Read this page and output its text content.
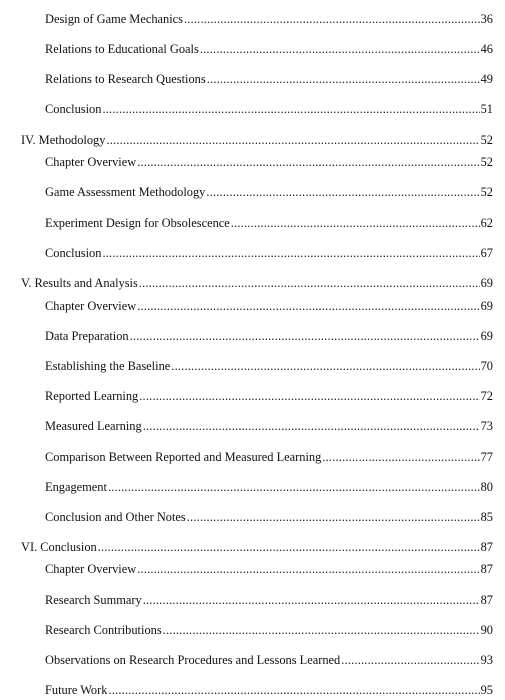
Design of Game Mechanics .....	36
Relations to Educational Goals .....	46
Relations to Research Questions .....	49
Conclusion .....	51
IV. Methodology .....	52
Chapter Overview .....	52
Game Assessment Methodology .....	52
Experiment Design for Obsolescence .....	62
Conclusion .....	67
V. Results and Analysis .....	69
Chapter Overview .....	69
Data Preparation .....	69
Establishing the Baseline .....	70
Reported Learning .....	72
Measured Learning .....	73
Comparison Between Reported and Measured Learning .....	77
Engagement .....	80
Conclusion and Other Notes .....	85
VI. Conclusion .....	87
Chapter Overview .....	87
Research Summary .....	87
Research Contributions .....	90
Observations on Research Procedures and Lessons Learned .....	93
Future Work .....	95
